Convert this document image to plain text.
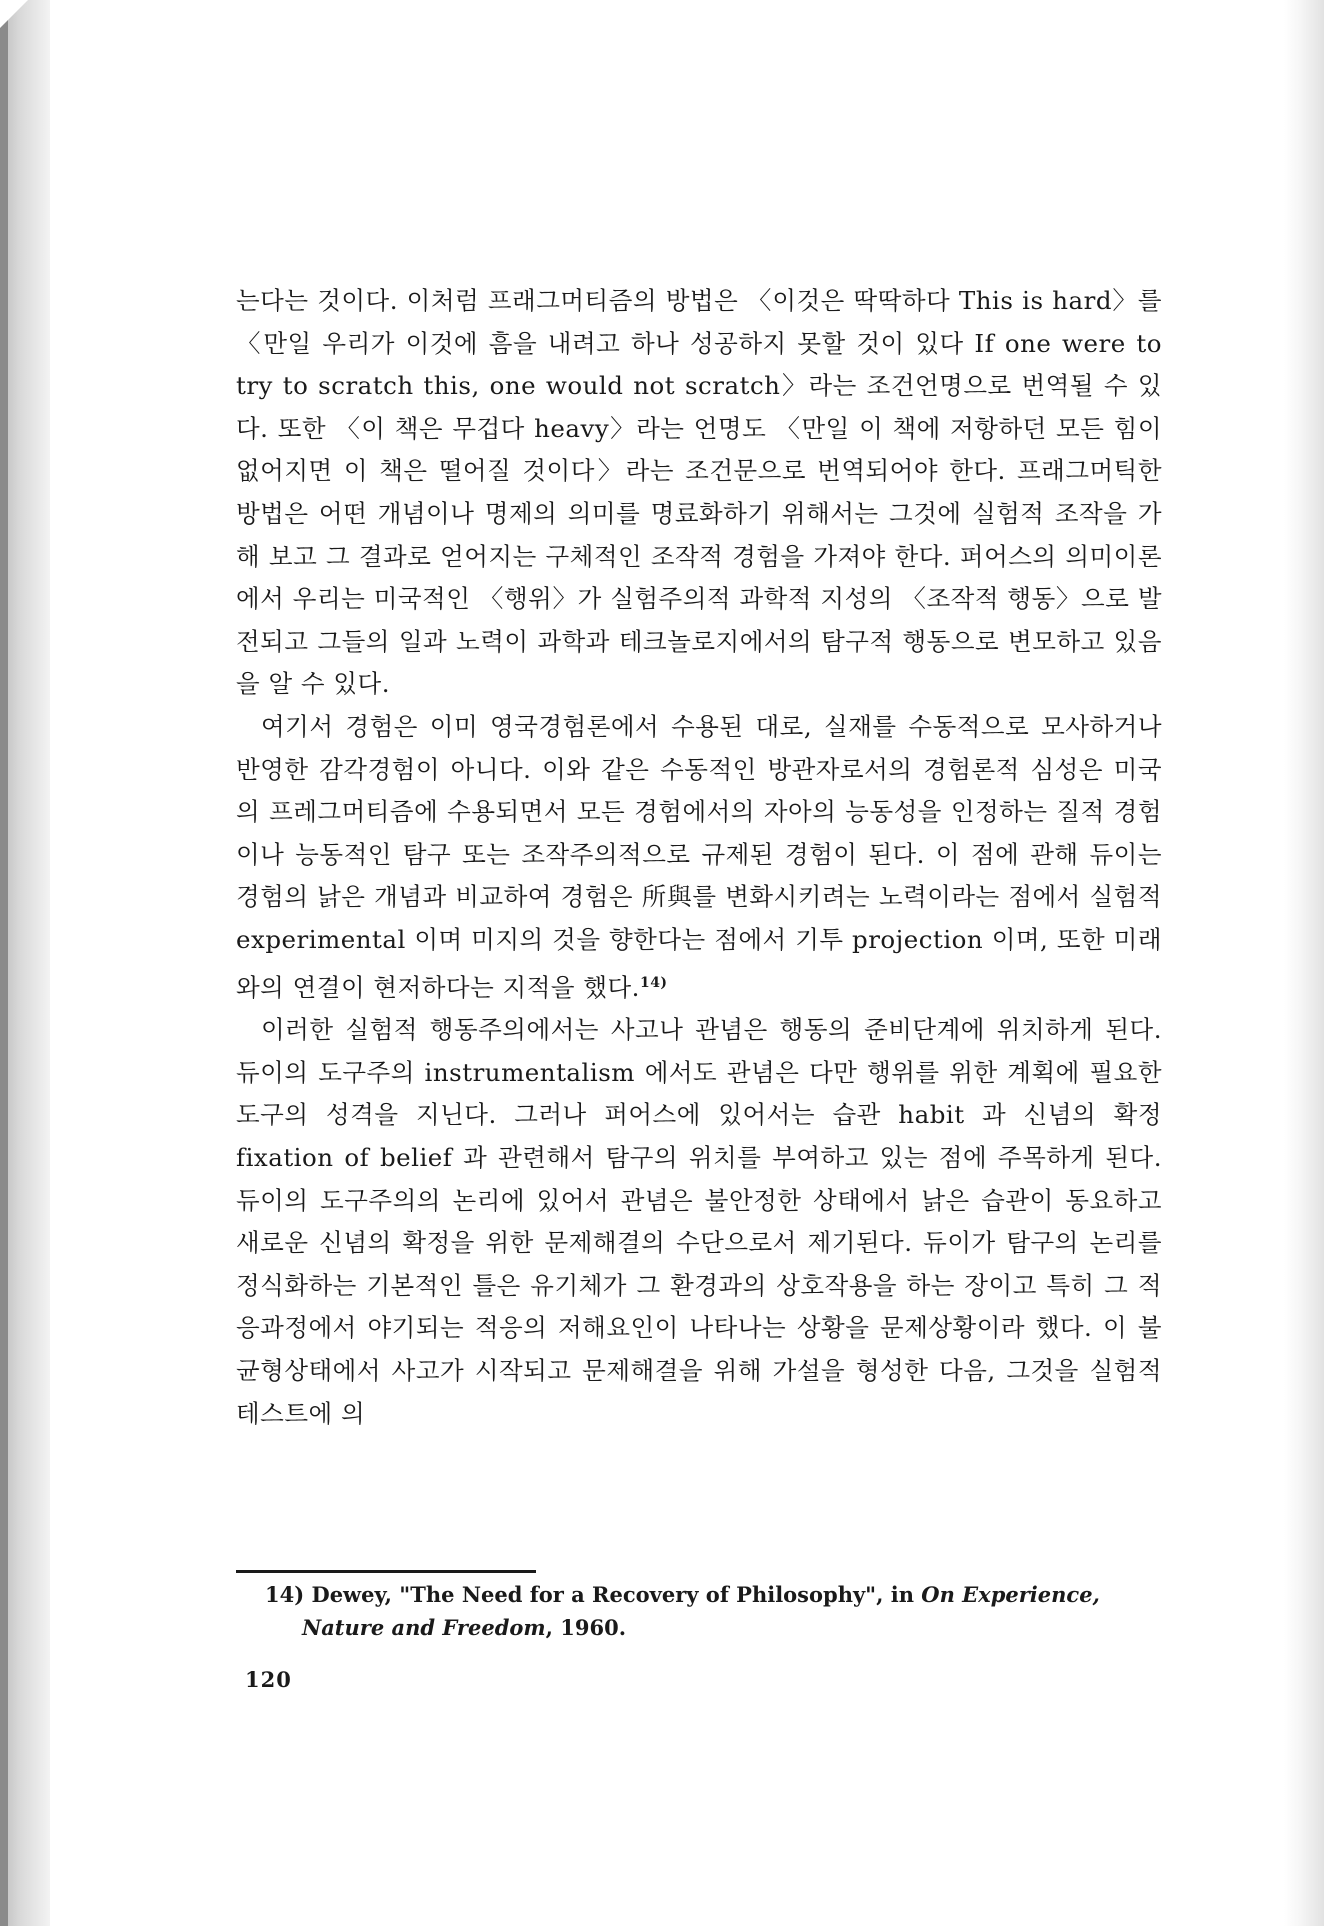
는다는 것이다. 이처럼 프래그머티즘의 방법은 〈이것은 딱딱하다 This is hard〉를 〈만일 우리가 이것에 흠을 내려고 하나 성공하지 못할 것이 있다 If one were to try to scratch this, one would not scratch〉라는 조건언명으로 번역될 수 있다. 또한 〈이 책은 무겁다 heavy〉라는 언명도 〈만일 이 책에 저항하던 모든 힘이 없어지면 이 책은 떨어질 것이다〉라는 조건문으로 번역되어야 한다. 프래그머틱한 방법은 어떤 개념이나 명제의 의미를 명료화하기 위해서는 그것에 실험적 조작을 가해 보고 그 결과로 얻어지는 구체적인 조작적 경험을 가져야 한다. 퍼어스의 의미이론에서 우리는 미국적인 〈행위〉가 실험주의적 과학적 지성의 〈조작적 행동〉으로 발전되고 그들의 일과 노력이 과학과 테크놀로지에서의 탐구적 행동으로 변모하고 있음을 알 수 있다.

여기서 경험은 이미 영국경험론에서 수용된 대로, 실재를 수동적으로 모사하거나 반영한 감각경험이 아니다. 이와 같은 수동적인 방관자로서의 경험론적 심성은 미국의 프레그머티즘에 수용되면서 모든 경험에서의 자아의 능동성을 인정하는 질적 경험이나 능동적인 탐구 또는 조작주의적으로 규제된 경험이 된다. 이 점에 관해 듀이는 경험의 낡은 개념과 비교하여 경험은 所與를 변화시키려는 노력이라는 점에서 실험적 experimental 이며 미지의 것을 향한다는 점에서 기투 projection 이며, 또한 미래와의 연결이 현저하다는 지적을 했다.$^{14)}$

이러한 실험적 행동주의에서는 사고나 관념은 행동의 준비단계에 위치하게 된다. 듀이의 도구주의 instrumentalism 에서도 관념은 다만 행위를 위한 계획에 필요한 도구의 성격을 지닌다. 그러나 퍼어스에 있어서는 습관 habit 과 신념의 확정 fixation of belief 과 관련해서 탐구의 위치를 부여하고 있는 점에 주목하게 된다. 듀이의 도구주의의 논리에 있어서 관념은 불안정한 상태에서 낡은 습관이 동요하고 새로운 신념의 확정을 위한 문제해결의 수단으로서 제기된다. 듀이가 탐구의 논리를 정식화하는 기본적인 틀은 유기체가 그 환경과의 상호작용을 하는 장이고 특히 그 적응과정에서 야기되는 적응의 저해요인이 나타나는 상황을 문제상황이라 했다. 이 불균형상태에서 사고가 시작되고 문제해결을 위해 가설을 형성한 다음, 그것을 실험적 테스트에 의

14) Dewey, "The Need for a Recovery of Philosophy", in On Experience, Nature and Freedom, 1960.
120
